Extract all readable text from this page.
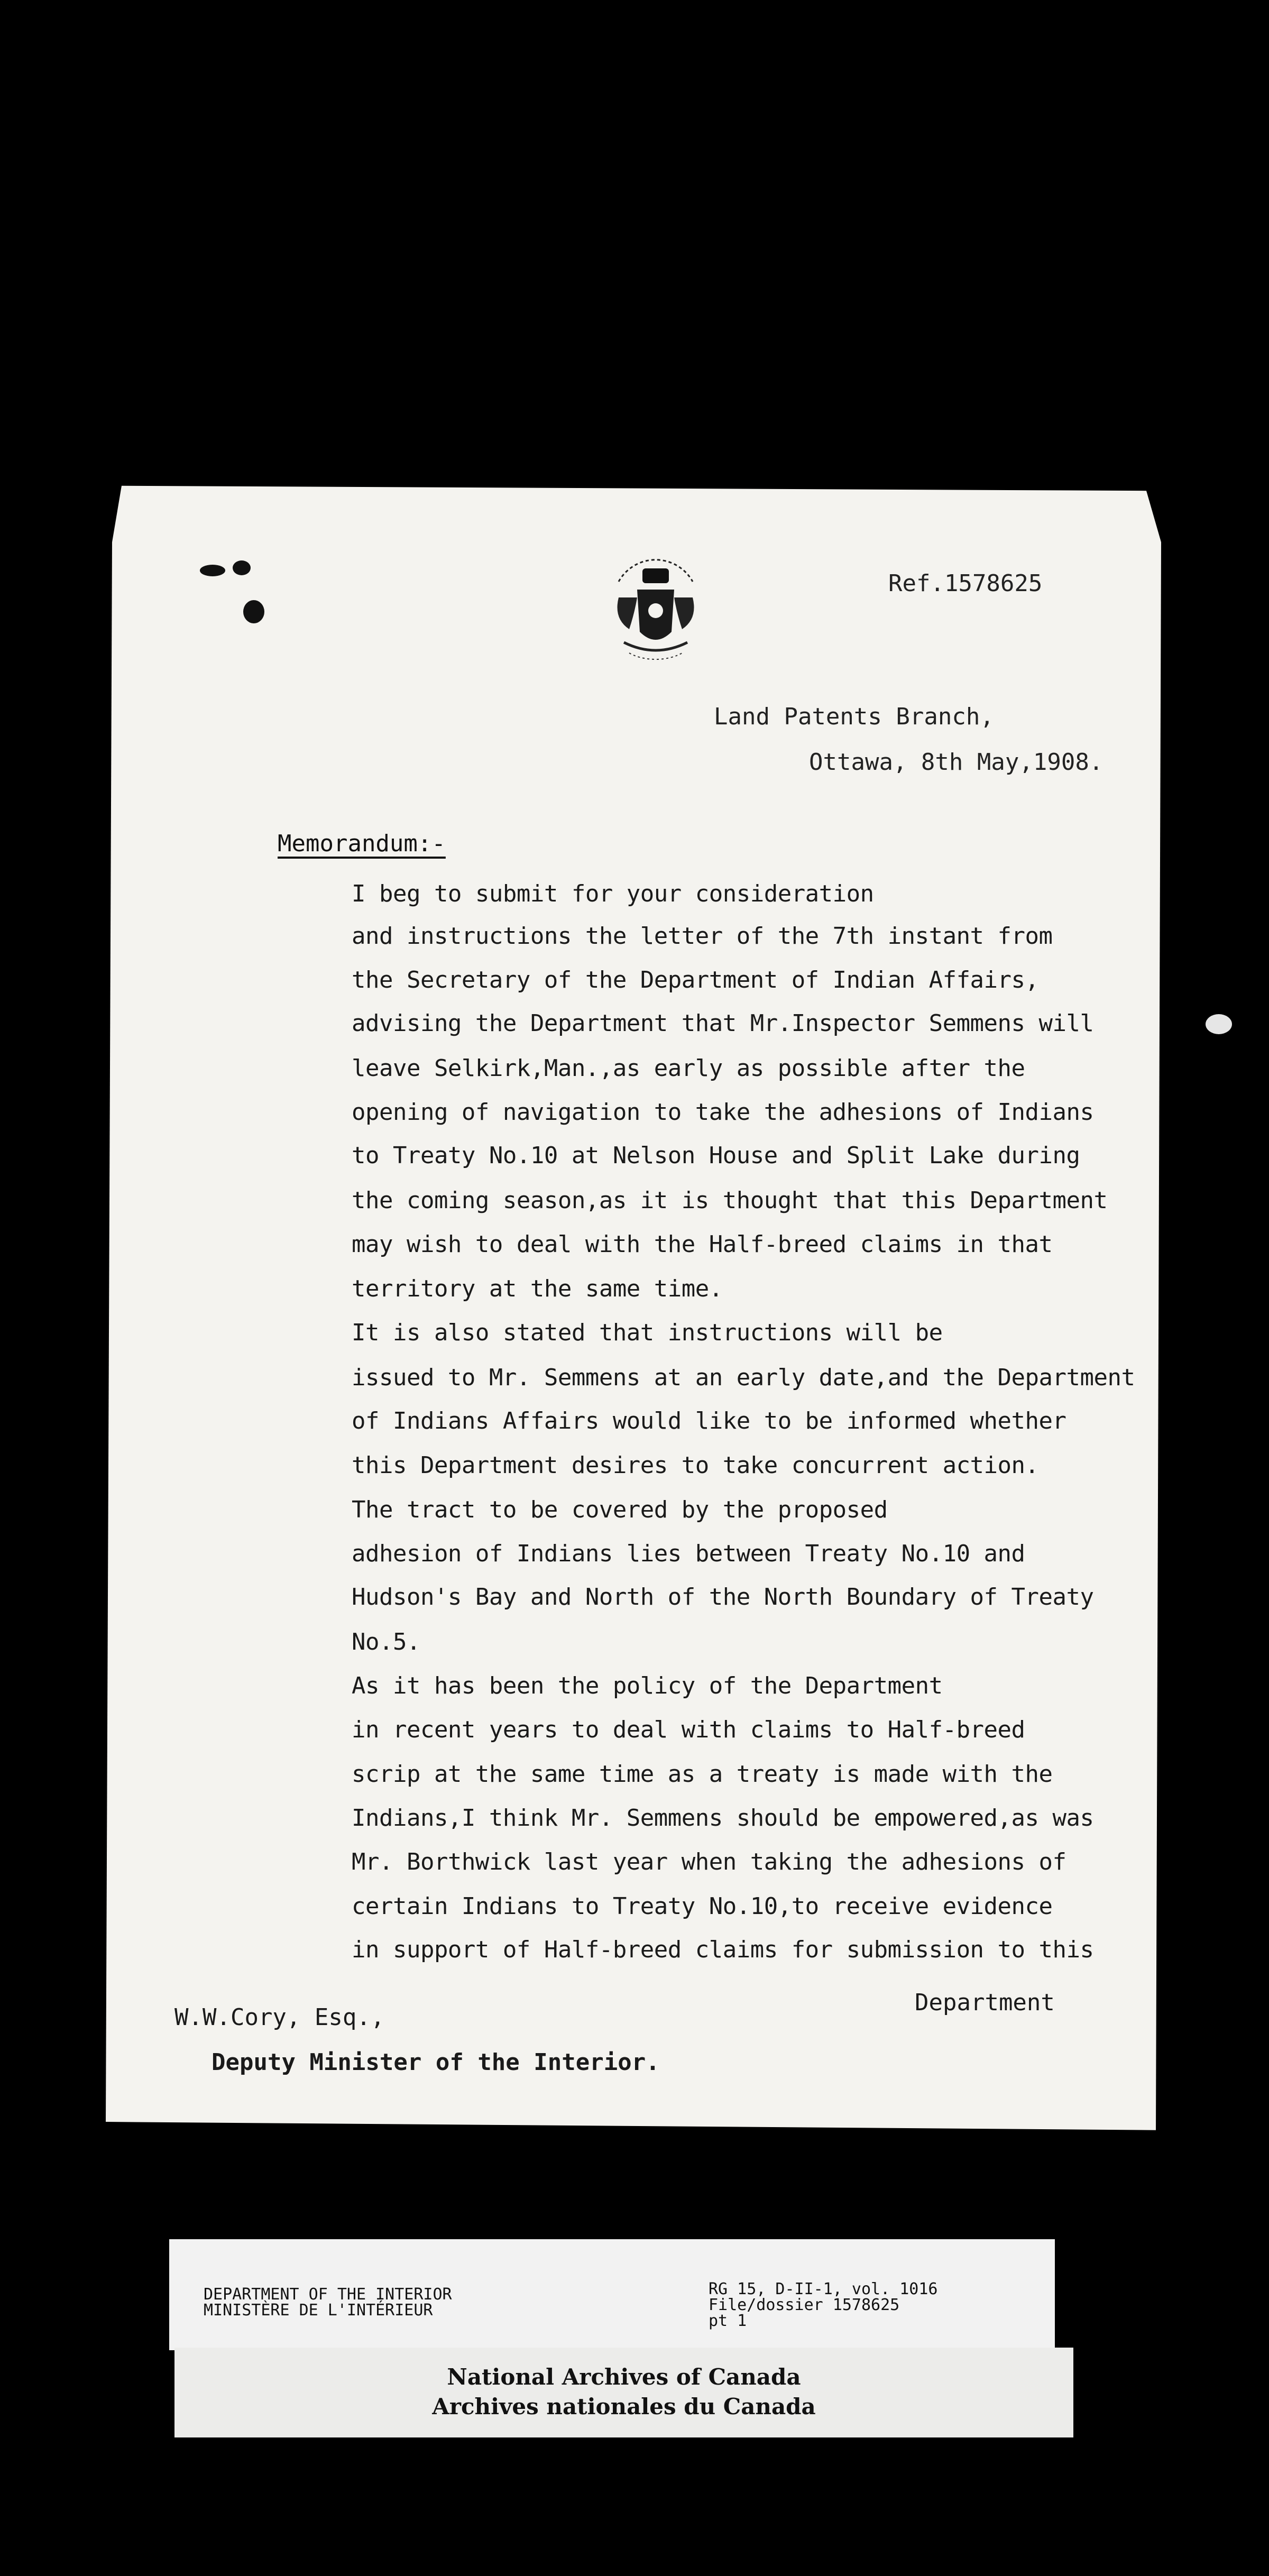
Ref.1578625
Land Patents Branch,
Ottawa, 8th May,1908.
Memorandum:-
I beg to submit for your consideration
and instructions the letter of the 7th instant from
the Secretary of the Department of Indian Affairs,
advising the Department that Mr.Inspector Semmens will
leave Selkirk,Man.,as early as possible after the
opening of navigation to take the adhesions of Indians
to Treaty No.10 at Nelson House and Split Lake during
the coming season,as it is thought that this Department
may wish to deal with the Half-breed claims in that
territory at the same time.
It is also stated that instructions will be
issued to Mr. Semmens at an early date,and the Department
of Indians Affairs would like to be informed whether
this Department desires to take concurrent action.
The tract to be covered by the proposed
adhesion of Indians lies between Treaty No.10 and
Hudson's Bay and North of the North Boundary of Treaty
No.5.
As it has been the policy of the Department
in recent years to deal with claims to Half-breed
scrip at the same time as a treaty is made with the
Indians,I think Mr. Semmens should be empowered,as was
Mr. Borthwick last year when taking the adhesions of
certain Indians to Treaty No.10,to receive evidence
in support of Half-breed claims for submission to this
Department
W.W.Cory, Esq.,
Deputy Minister of the Interior.
DEPARTMENT OF THE INTERIOR
MINISTÈRE DE L'INTÉRIEUR
RG 15, D-II-1, vol. 1016
File/dossier 1578625
pt 1
National Archives of Canada
Archives nationales du Canada
